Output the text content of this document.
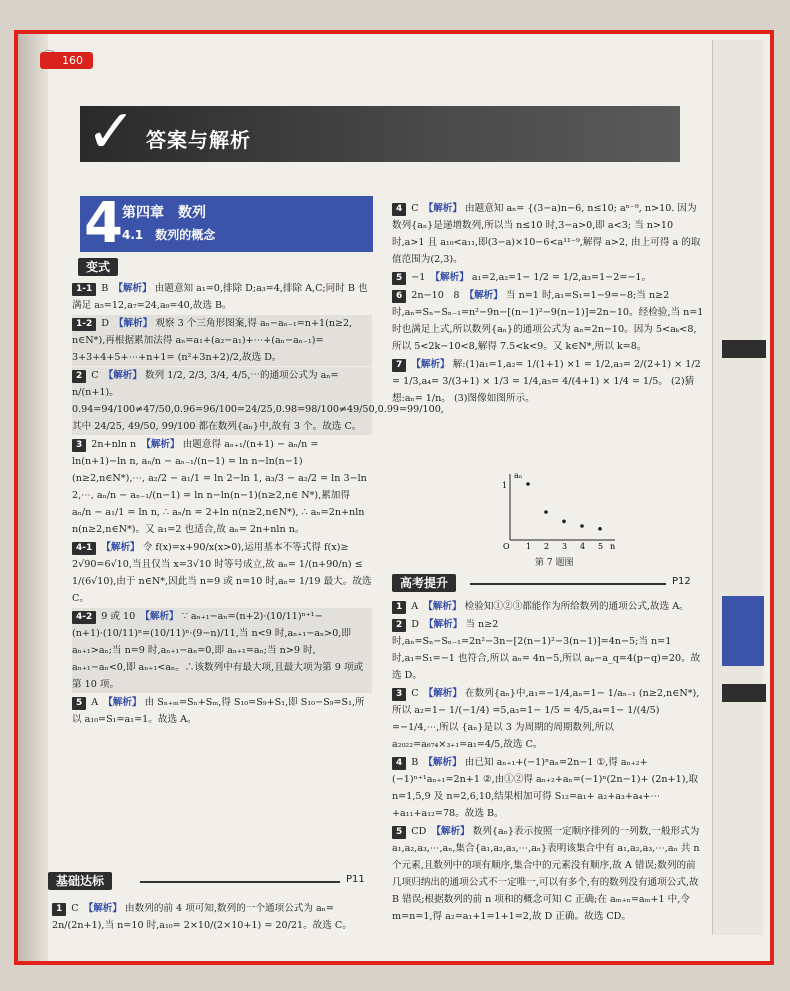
160
✓ 答案与解析
4 第四章　数列
4.1　数列的概念
变式
1-1 B 【解析】 由题意知 a₁=0,排除 D;a₃=4,排除 A,C;同时 B 也满足 a₅=12,a₇=24,a₉=40,故选 B。
1-2 D 【解析】 观察 3 个三角形图案,得 aₙ−aₙ₋₁=n+1(n≥2, n∈N*),再根据累加法得 aₙ=a₁+(a₂−a₁)+⋯+(aₙ−aₙ₋₁)= 3+3+4+5+⋯+n+1= (n²+3n+2)/2,故选 D。
2 C 【解析】 数列 1/2, 2/3, 3/4, 4/5,⋯的通项公式为 aₙ= n/(n+1)。 0.94=94/100≠47/50,0.96=96/100=24/25,0.98=98/100≠49/50,0.99=99/100, 其中 24/25, 49/50, 99/100 都在数列{aₙ}中,故有 3 个。故选 C。
3 2n+nln n 【解析】 由题意得 aₙ₊₁/(n+1) − aₙ/n = ln(n+1)−ln n, aₙ/n − aₙ₋₁/(n−1) = ln n−ln(n−1)(n≥2,n∈N*),⋯, a₂/2 − a₁/1 = ln 2−ln 1, a₃/3 − a₂/2 = ln 3−ln 2,⋯, aₙ/n − aₙ₋₁/(n−1) = ln n−ln(n−1)(n≥2,n∈ N*),累加得 aₙ/n − a₁/1 = ln n, ∴ aₙ/n = 2+ln n(n≥2,n∈N*), ∴ aₙ=2n+nln n(n≥2,n∈N*)。又 a₁=2 也适合,故 aₙ= 2n+nln n。
4-1 【解析】 令 f(x)=x+90/x(x>0),运用基本不等式得 f(x)≥ 2√90=6√10,当且仅当 x=3√10 时等号成立,故 aₙ= 1/(n+90/n) ≤ 1/(6√10),由于 n∈N*,因此当 n=9 或 n=10 时,aₙ= 1/19 最大。故选 C。
4-2 9 或 10 【解析】 ∵ aₙ₊₁−aₙ=(n+2)·(10/11)ⁿ⁺¹−(n+1)·(10/11)ⁿ=(10/11)ⁿ·(9−n)/11,当 n<9 时,aₙ₊₁−aₙ>0,即 aₙ₊₁>aₙ;当 n=9 时,aₙ₊₁−aₙ=0,即 aₙ₊₁=aₙ;当 n>9 时, aₙ₊₁−aₙ<0,即 aₙ₊₁<aₙ。∴该数列中有最大项,且最大项为第 9 项或第 10 项。
5 A 【解析】 由 Sₙ₊ₘ=Sₙ+Sₘ,得 S₁₀=S₉+S₁,即 S₁₀−S₉=S₁,所以 a₁₀=S₁=a₁=1。故选 A。
基础达标	P11
1 C 【解析】 由数列的前 4 项可知,数列的一个通项公式为 aₙ= 2n/(2n+1),当 n=10 时,a₁₀= 2×10/(2×10+1) = 20/21。故选 C。
4 C 【解析】 由题意知 aₙ= {(3−a)n−6, n≤10; aⁿ⁻⁹, n>10. 因为数列{aₙ}是递增数列,所以当 n≤10 时,3−a>0,即 a<3; 当 n>10 时,a>1 且 a₁₀<a₁₁,即(3−a)×10−6<a¹¹⁻⁹,解得 a>2, 由上可得 a 的取值范围为(2,3)。
5 −1 【解析】 a₁=2,a₂=1− 1/2 = 1/2,a₃=1−2=−1。
6 2n−10　8 【解析】 当 n=1 时,a₁=S₁=1−9=−8;当 n≥2 时,aₙ=Sₙ−Sₙ₋₁=n²−9n−[(n−1)²−9(n−1)]=2n−10。经检验,当 n=1 时也满足上式,所以数列{aₙ}的通项公式为 aₙ=2n−10。因为 5<aₖ<8,所以 5<2k−10<8,解得 7.5<k<9。又 k∈N*,所以 k=8。
7 【解析】 解:(1)a₁=1,a₂= 1/(1+1) ×1 = 1/2,a₃= 2/(2+1) × 1/2 = 1/3,a₄= 3/(3+1) × 1/3 = 1/4,a₅= 4/(4+1) × 1/4 = 1/5。 (2)猜想:aₙ= 1/n。 (3)图像如图所示。
O
aₙ
n
1
1 2 3 4 5
第 7 题图
高考提升	P12
1 A 【解析】 检验知①②③都能作为所给数列的通项公式,故选 A。
2 D 【解析】 当 n≥2 时,aₙ=Sₙ−Sₙ₋₁=2n²−3n−[2(n−1)²−3(n−1)]=4n−5;当 n=1 时,a₁=S₁=−1 也符合,所以 aₙ= 4n−5,所以 aₚ−a_q=4(p−q)=20。故选 D。
3 C 【解析】 在数列{aₙ}中,a₁=−1/4,aₙ=1− 1/aₙ₋₁ (n≥2,n∈N*), 所以 a₂=1− 1/(−1/4) =5,a₃=1− 1/5 = 4/5,a₄=1− 1/(4/5) =−1/4,⋯,所以 {aₙ}是以 3 为周期的周期数列,所以 a₂₀₂₂=a₆₇₄×₃₊₁=a₁=4/5,故选 C。
4 B 【解析】 由已知 aₙ₊₁+(−1)ⁿaₙ=2n−1 ①,得 aₙ₊₂+(−1)ⁿ⁺¹aₙ₊₁=2n+1 ②,由①②得 aₙ₊₂+aₙ=(−1)ⁿ(2n−1)+ (2n+1),取 n=1,5,9 及 n=2,6,10,结果相加可得 S₁₂=a₁+ a₂+a₃+a₄+⋯+a₁₁+a₁₂=78。故选 B。
5 CD 【解析】 数列{aₙ}表示按照一定顺序排列的一列数,一般形式为 a₁,a₂,a₃,⋯,aₙ,集合{a₁,a₂,a₃,⋯,aₙ}表明该集合中有 a₁,a₂,a₃,⋯,aₙ 共 n 个元素,且数列中的项有顺序,集合中的元素没有顺序,故 A 错误;数列的前几项归纳出的通项公式不一定唯一,可以有多个,有的数列没有通项公式,故 B 错误;根据数列的前 n 项和的概念可知 C 正确;在 aₘ₊ₙ=aₘ+1 中,令 m=n=1,得 a₂=a₁+1=1+1=2,故 D 正确。故选 CD。
